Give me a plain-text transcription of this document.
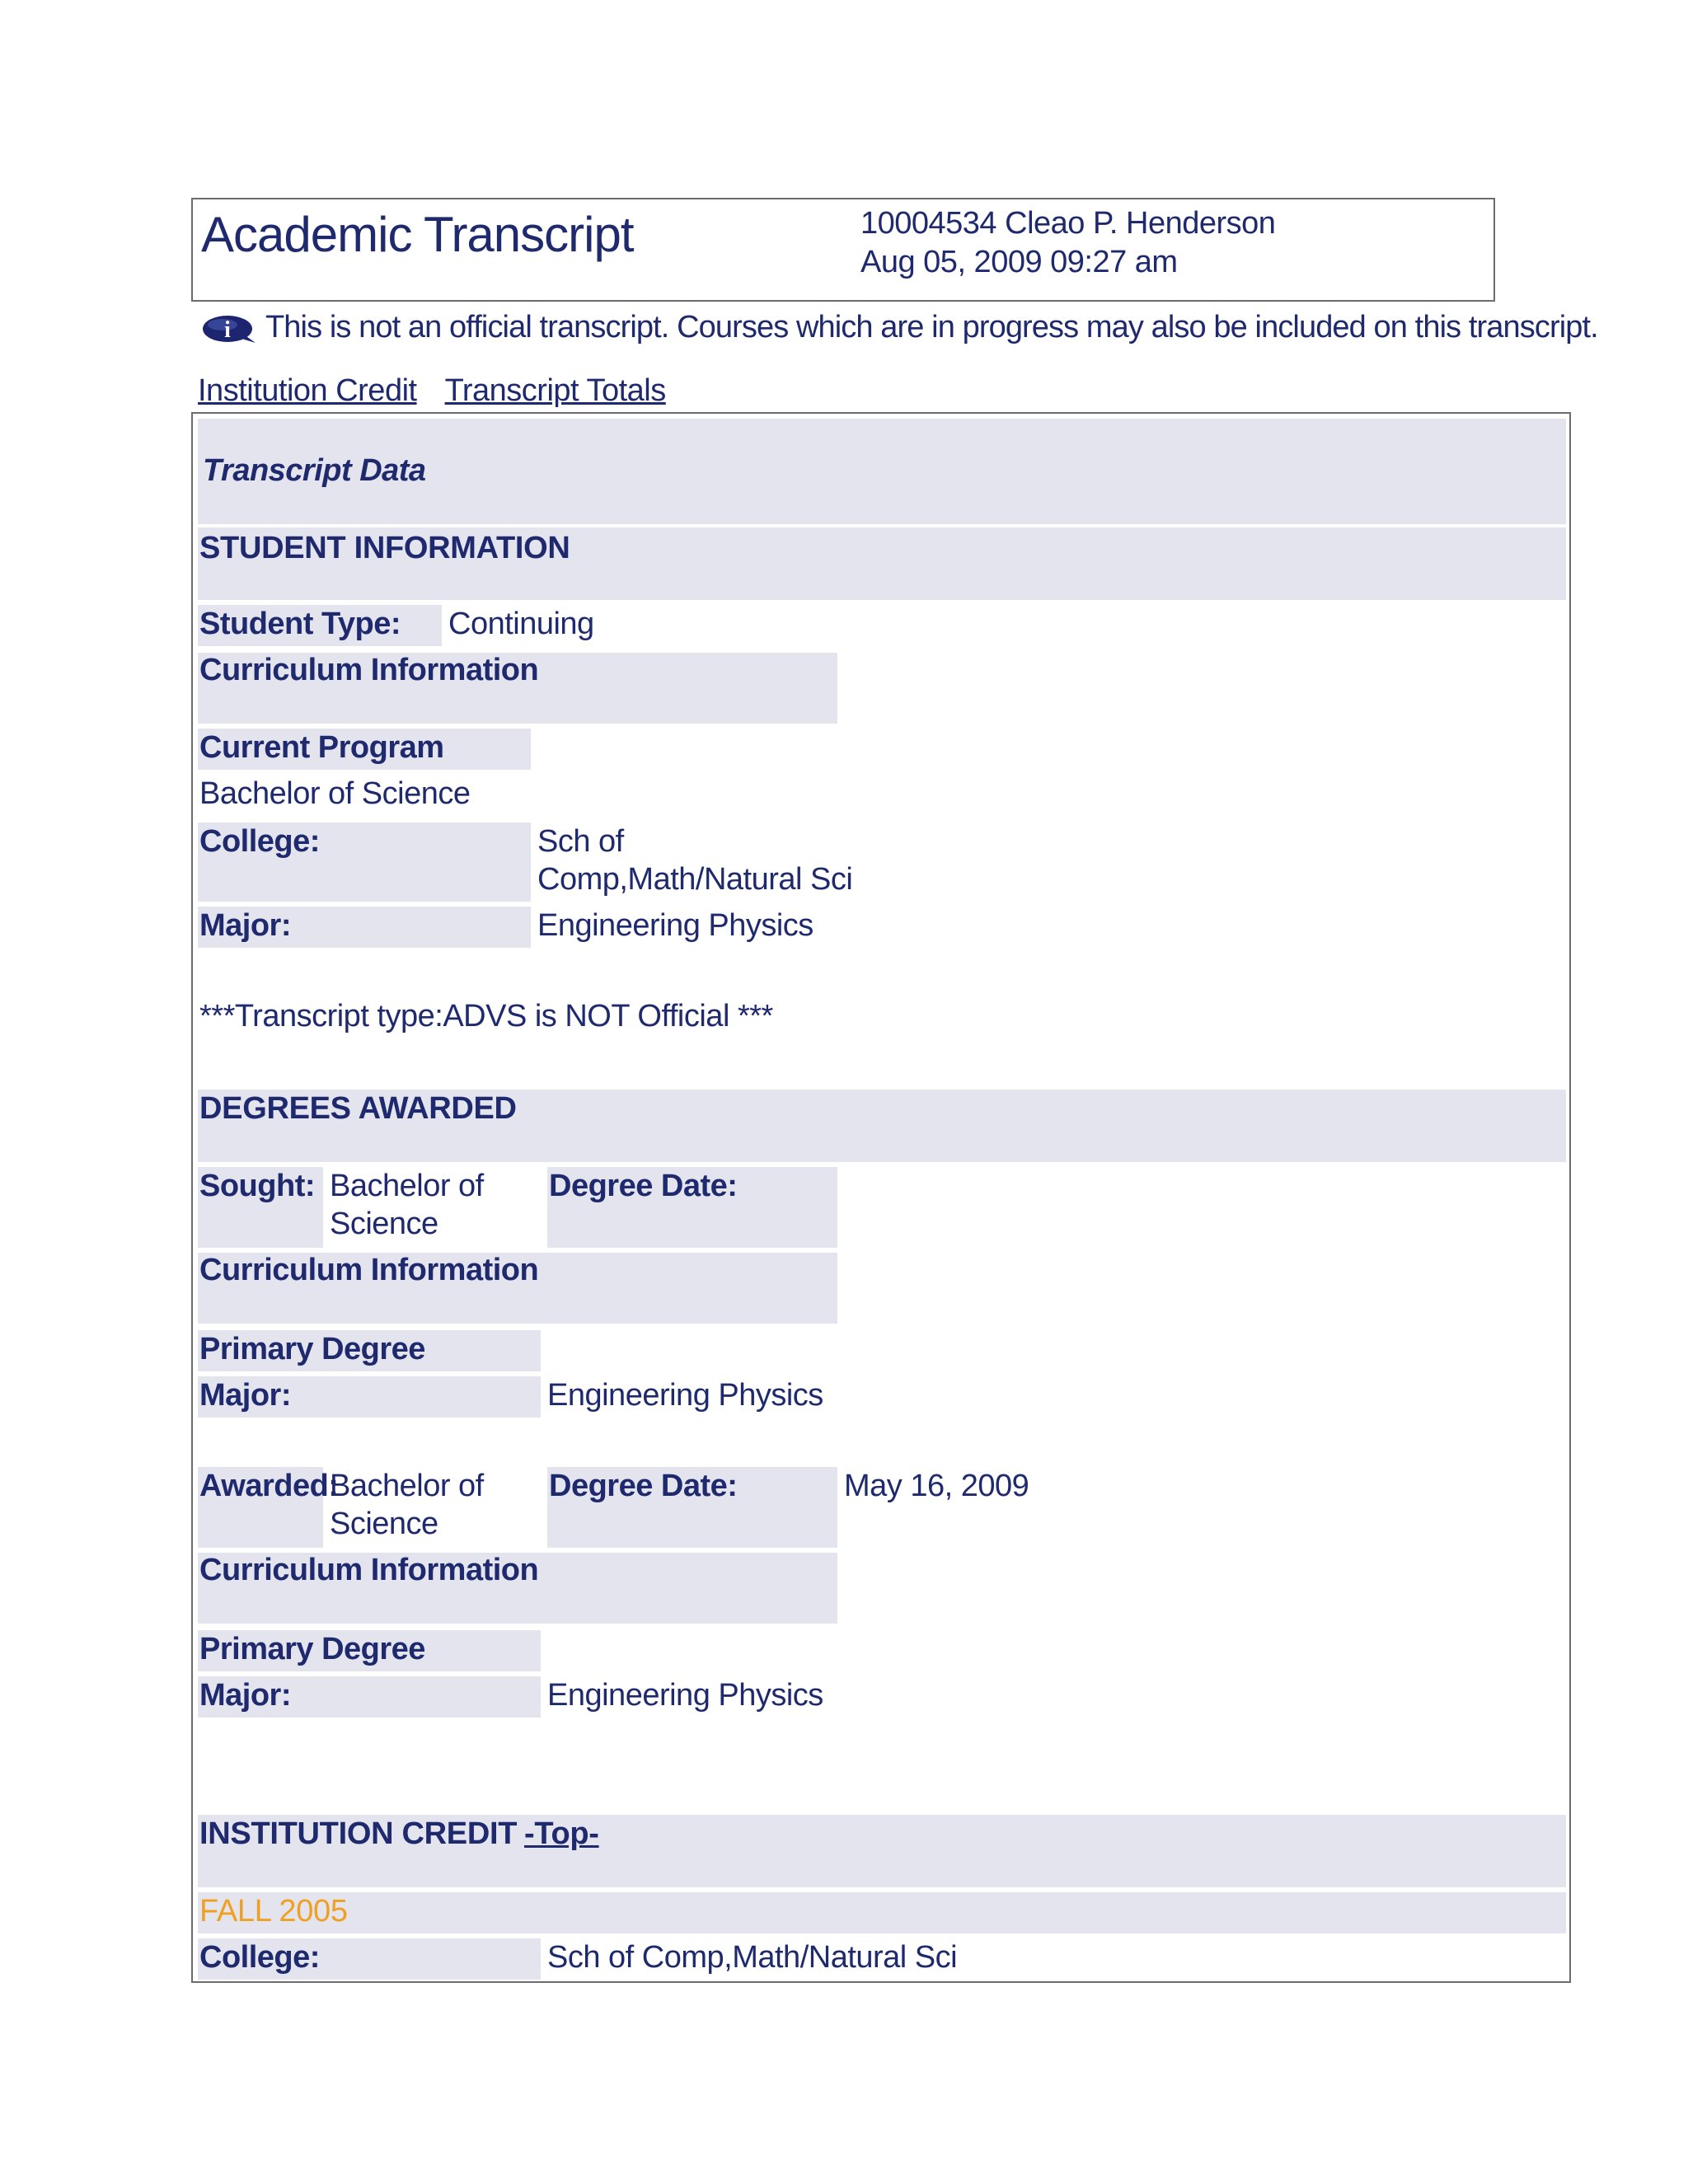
Academic Transcript	10004534 Cleao P. Henderson
Aug 05, 2009 09:27 am
i This is not an official transcript. Courses which are in progress may also be included on this transcript.
Institution Credit Transcript Totals
Transcript Data
STUDENT INFORMATION
Student Type: Continuing
Curriculum Information
Current Program
Bachelor of Science
College:	Sch of
Comp,Math/Natural Sci
Major:	Engineering Physics
***Transcript type:ADVS is NOT Official ***
DEGREES AWARDED
Sought: Bachelor of
Science
Degree Date:
Curriculum Information
Primary Degree
Major:	Engineering Physics
Awarded:
Bachelor of
Science
Degree Date:	May 16, 2009
Curriculum Information
Primary Degree
Major:	Engineering Physics
INSTITUTION CREDIT -Top-
FALL 2005
College:	Sch of Comp,Math/Natural Sci
